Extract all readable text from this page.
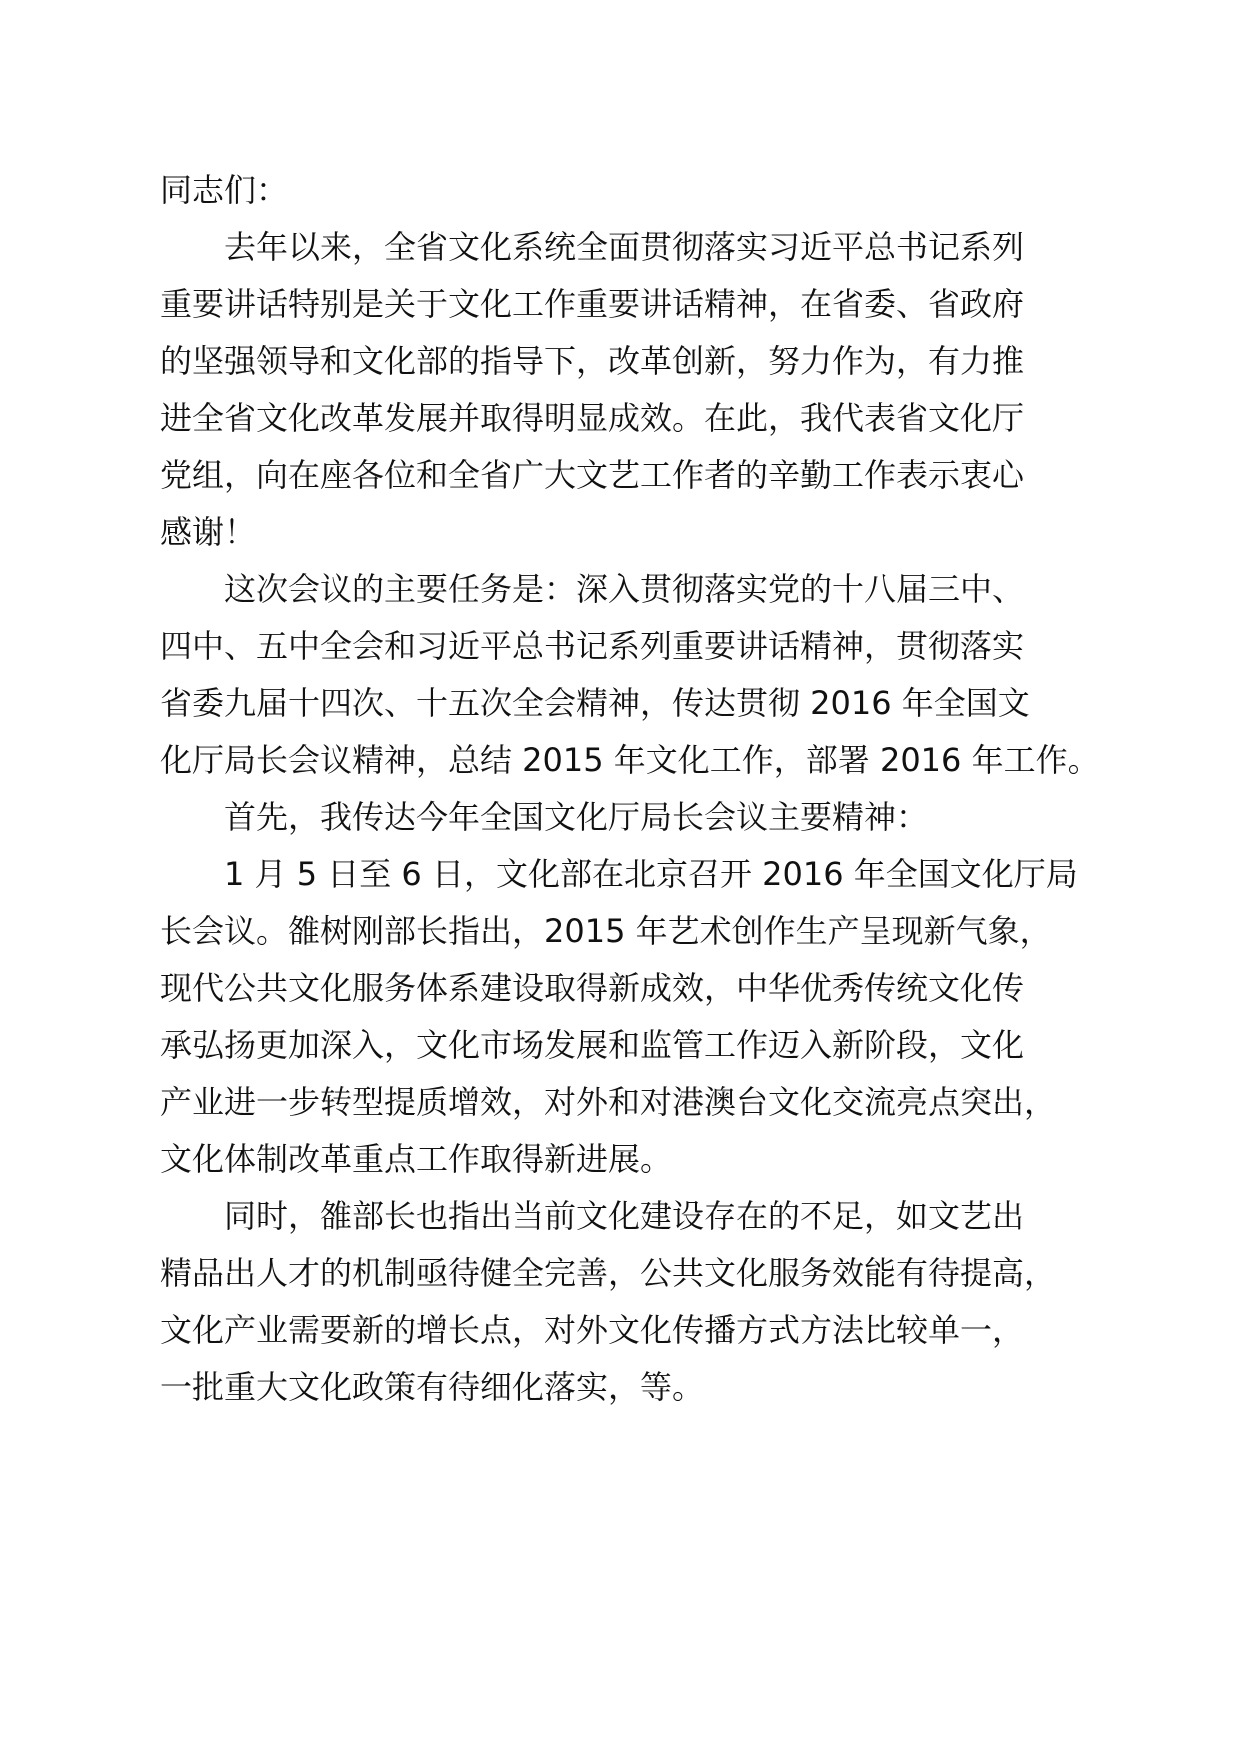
同志们：
去年以来，全省文化系统全面贯彻落实习近平总书记系列
重要讲话特别是关于文化工作重要讲话精神，在省委、省政府
的坚强领导和文化部的指导下，改革创新，努力作为，有力推
进全省文化改革发展并取得明显成效。在此，我代表省文化厅
党组，向在座各位和全省广大文艺工作者的辛勤工作表示衷心
感谢！
这次会议的主要任务是：深入贯彻落实党的十八届三中、
四中、五中全会和习近平总书记系列重要讲话精神，贯彻落实
省委九届十四次、十五次全会精神，传达贯彻 2016 年全国文
化厅局长会议精神，总结 2015 年文化工作，部署 2016 年工作。
首先，我传达今年全国文化厅局长会议主要精神：
1 月 5 日至 6 日，文化部在北京召开 2016 年全国文化厅局
长会议。雒树刚部长指出，2015 年艺术创作生产呈现新气象，
现代公共文化服务体系建设取得新成效，中华优秀传统文化传
承弘扬更加深入，文化市场发展和监管工作迈入新阶段，文化
产业进一步转型提质增效，对外和对港澳台文化交流亮点突出，
文化体制改革重点工作取得新进展。
同时，雒部长也指出当前文化建设存在的不足，如文艺出
精品出人才的机制亟待健全完善，公共文化服务效能有待提高，
文化产业需要新的增长点，对外文化传播方式方法比较单一，
一批重大文化政策有待细化落实，等。
